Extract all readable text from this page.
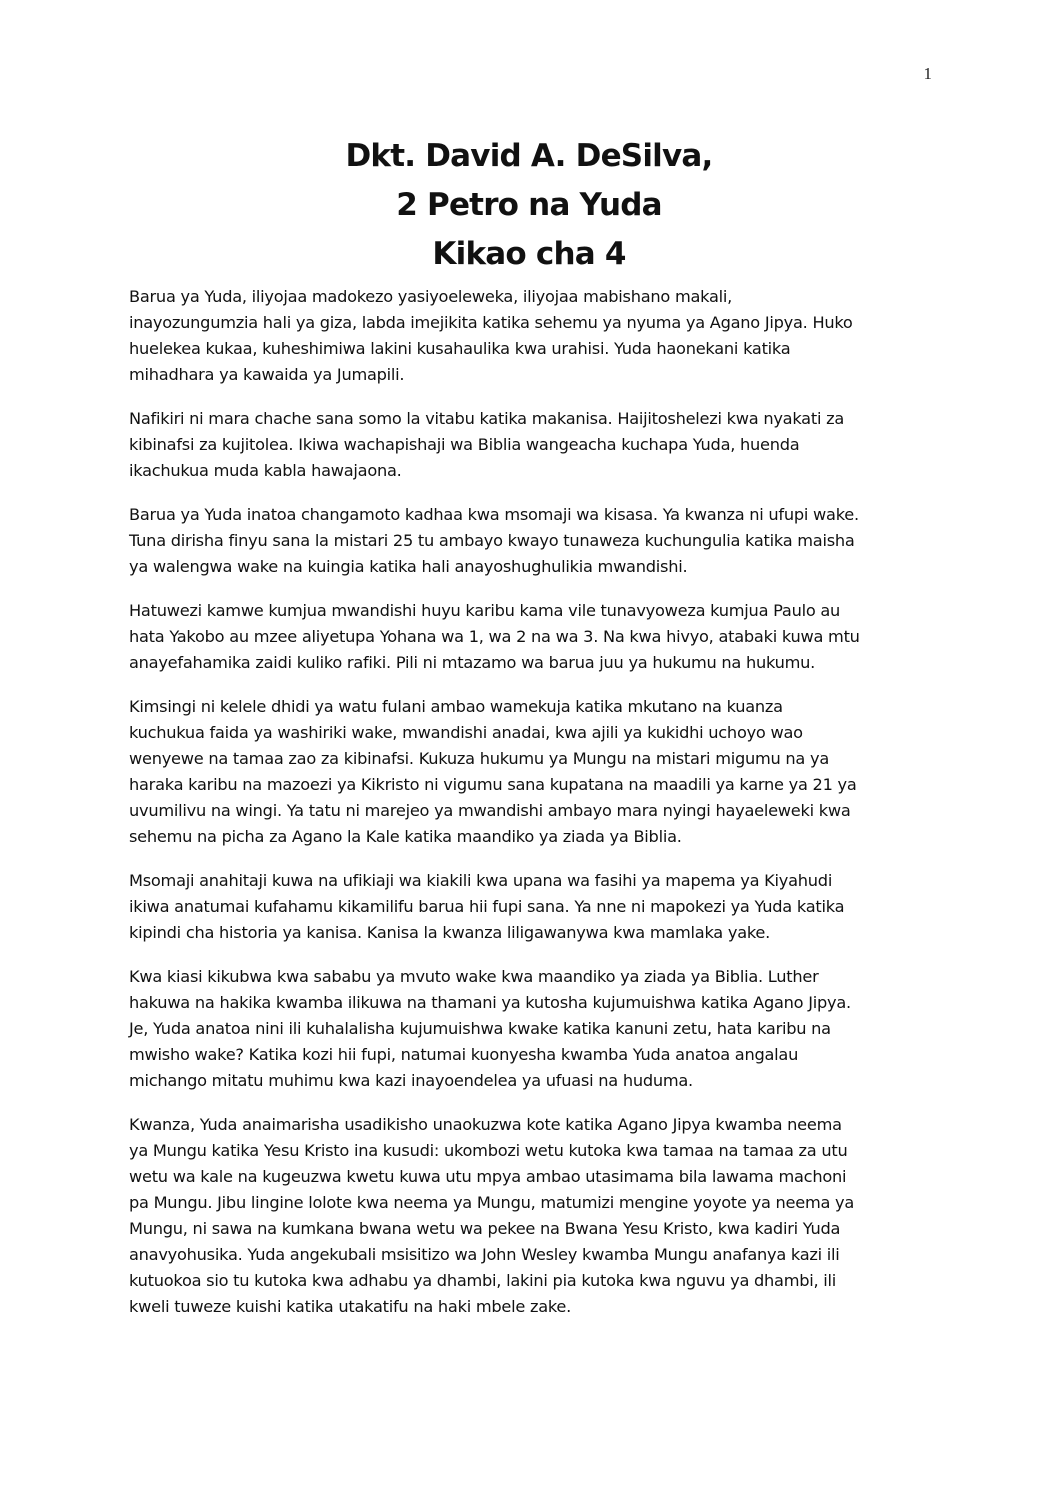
1
Dkt. David A. DeSilva,
2 Petro na Yuda
Kikao cha 4

Barua ya Yuda, iliyojaa madokezo yasiyoeleweka, iliyojaa mabishano makali,
inayozungumzia hali ya giza, labda imejikita katika sehemu ya nyuma ya Agano Jipya. Huko
huelekea kukaa, kuheshimiwa lakini kusahaulika kwa urahisi. Yuda haonekani katika
mihadhara ya kawaida ya Jumapili.

Nafikiri ni mara chache sana somo la vitabu katika makanisa. Haijitoshelezi kwa nyakati za
kibinafsi za kujitolea. Ikiwa wachapishaji wa Biblia wangeacha kuchapa Yuda, huenda
ikachukua muda kabla hawajaona.

Barua ya Yuda inatoa changamoto kadhaa kwa msomaji wa kisasa. Ya kwanza ni ufupi wake.
Tuna dirisha finyu sana la mistari 25 tu ambayo kwayo tunaweza kuchungulia katika maisha
ya walengwa wake na kuingia katika hali anayoshughulikia mwandishi.

Hatuwezi kamwe kumjua mwandishi huyu karibu kama vile tunavyoweza kumjua Paulo au
hata Yakobo au mzee aliyetupa Yohana wa 1, wa 2 na wa 3. Na kwa hivyo, atabaki kuwa mtu
anayefahamika zaidi kuliko rafiki. Pili ni mtazamo wa barua juu ya hukumu na hukumu.

Kimsingi ni kelele dhidi ya watu fulani ambao wamekuja katika mkutano na kuanza
kuchukua faida ya washiriki wake, mwandishi anadai, kwa ajili ya kukidhi uchoyo wao
wenyewe na tamaa zao za kibinafsi. Kukuza hukumu ya Mungu na mistari migumu na ya
haraka karibu na mazoezi ya Kikristo ni vigumu sana kupatana na maadili ya karne ya 21 ya
uvumilivu na wingi. Ya tatu ni marejeo ya mwandishi ambayo mara nyingi hayaeleweki kwa
sehemu na picha za Agano la Kale katika maandiko ya ziada ya Biblia.

Msomaji anahitaji kuwa na ufikiaji wa kiakili kwa upana wa fasihi ya mapema ya Kiyahudi
ikiwa anatumai kufahamu kikamilifu barua hii fupi sana. Ya nne ni mapokezi ya Yuda katika
kipindi cha historia ya kanisa. Kanisa la kwanza liligawanywa kwa mamlaka yake.

Kwa kiasi kikubwa kwa sababu ya mvuto wake kwa maandiko ya ziada ya Biblia. Luther
hakuwa na hakika kwamba ilikuwa na thamani ya kutosha kujumuishwa katika Agano Jipya.
Je, Yuda anatoa nini ili kuhalalisha kujumuishwa kwake katika kanuni zetu, hata karibu na
mwisho wake? Katika kozi hii fupi, natumai kuonyesha kwamba Yuda anatoa angalau
michango mitatu muhimu kwa kazi inayoendelea ya ufuasi na huduma.

Kwanza, Yuda anaimarisha usadikisho unaokuzwa kote katika Agano Jipya kwamba neema
ya Mungu katika Yesu Kristo ina kusudi: ukombozi wetu kutoka kwa tamaa na tamaa za utu
wetu wa kale na kugeuzwa kwetu kuwa utu mpya ambao utasimama bila lawama machoni
pa Mungu. Jibu lingine lolote kwa neema ya Mungu, matumizi mengine yoyote ya neema ya
Mungu, ni sawa na kumkana bwana wetu wa pekee na Bwana Yesu Kristo, kwa kadiri Yuda
anavyohusika. Yuda angekubali msisitizo wa John Wesley kwamba Mungu anafanya kazi ili
kutuokoa sio tu kutoka kwa adhabu ya dhambi, lakini pia kutoka kwa nguvu ya dhambi, ili
kweli tuweze kuishi katika utakatifu na haki mbele zake.
